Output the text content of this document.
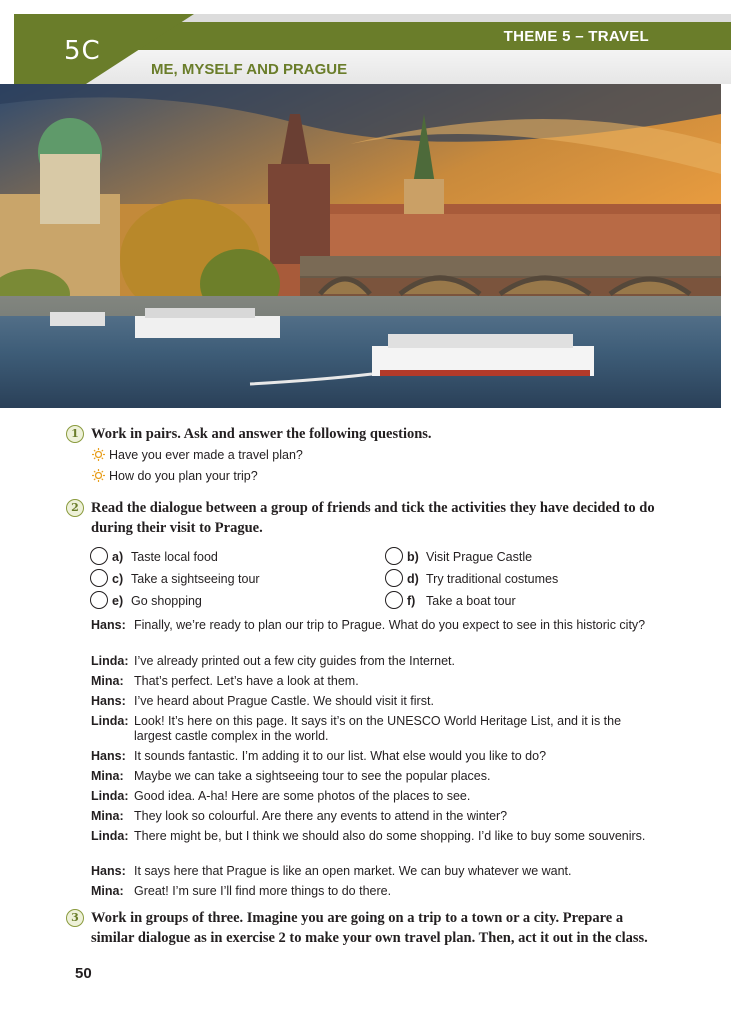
5C	THEME 5 – TRAVEL
ME, MYSELF AND PRAGUE
1 Work in pairs. Ask and answer the following questions.
Have you ever made a travel plan?
How do you plan your trip?
2 Read the dialogue between a group of friends and tick the activities they have decided to do during their visit to Prague.
a) Taste local food	b) Visit Prague Castle
c) Take a sightseeing tour	d) Try traditional costumes
e) Go shopping	f) Take a boat tour
Hans: Finally, we’re ready to plan our trip to Prague. What do you expect to see in this historic city?
Linda: I’ve already printed out a few city guides from the Internet.
Mina: That’s perfect. Let’s have a look at them.
Hans: I’ve heard about Prague Castle. We should visit it first.
Linda: Look! It’s here on this page. It says it’s on the UNESCO World Heritage List, and it is the largest castle complex in the world.
Hans: It sounds fantastic. I’m adding it to our list. What else would you like to do?
Mina: Maybe we can take a sightseeing tour to see the popular places.
Linda: Good idea. A-ha! Here are some photos of the places to see.
Mina: They look so colourful. Are there any events to attend in the winter?
Linda: There might be, but I think we should also do some shopping. I’d like to buy some souvenirs.
Hans: It says here that Prague is like an open market. We can buy whatever we want.
Mina: Great! I’m sure I’ll find more things to do there.
3 Work in groups of three. Imagine you are going on a trip to a town or a city. Prepare a similar dialogue as in exercise 2 to make your own travel plan. Then, act it out in the class.
50
